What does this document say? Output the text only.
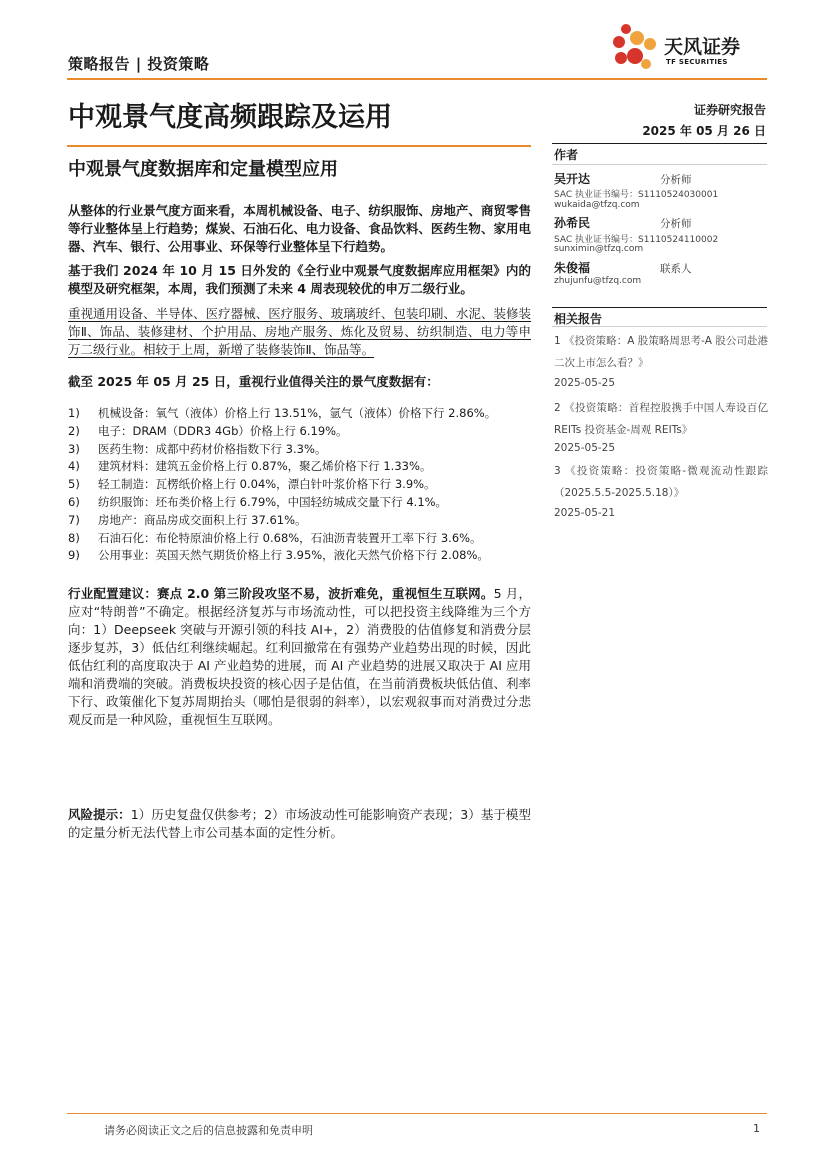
策略报告 | 投资策略
天风证券
TF SECURITIES
中观景气度高频跟踪及运用
中观景气度数据库和定量模型应用
证券研究报告
2025 年 05 月 26 日
作者
吴开达	分析师
SAC 执业证书编号：S1110524030001
wukaida@tfzq.com
孙希民	分析师
SAC 执业证书编号：S1110524110002
sunximin@tfzq.com
朱俊福	联系人
zhujunfu@tfzq.com
相关报告
1 《投资策略：A 股策略周思考-A 股公司赴港二次上市怎么看？》
2025-05-25
2 《投资策略：首程控股携手中国人寿设百亿 REITs 投资基金-周观 REITs》
2025-05-25
3 《投资策略：投资策略-微观流动性跟踪（2025.5.5-2025.5.18）》
2025-05-21
从整体的行业景气度方面来看，本周机械设备、电子、纺织服饰、房地产、商贸零售等行业整体呈上行趋势；煤炭、石油石化、电力设备、食品饮料、医药生物、家用电器、汽车、银行、公用事业、环保等行业整体呈下行趋势。
基于我们 2024 年 10 月 15 日外发的《全行业中观景气度数据库应用框架》内的模型及研究框架，本周，我们预测了未来 4 周表现较优的申万二级行业。
重视通用设备、半导体、医疗器械、医疗服务、玻璃玻纤、包装印刷、水泥、装修装饰Ⅱ、饰品、装修建材、个护用品、房地产服务、炼化及贸易、纺织制造、电力等申万二级行业。相较于上周，新增了装修装饰Ⅱ、饰品等。
截至 2025 年 05 月 25 日，重视行业值得关注的景气度数据有：
1)	机械设备：氧气（液体）价格上行 13.51%，氩气（液体）价格下行 2.86%。
2)	电子：DRAM（DDR3 4Gb）价格上行 6.19%。
3)	医药生物：成都中药材价格指数下行 3.3%。
4)	建筑材料：建筑五金价格上行 0.87%，聚乙烯价格下行 1.33%。
5)	轻工制造：瓦楞纸价格上行 0.04%，漂白针叶浆价格下行 3.9%。
6)	纺织服饰：坯布类价格上行 6.79%，中国轻纺城成交量下行 4.1%。
7)	房地产：商品房成交面积上行 37.61%。
8)	石油石化：布伦特原油价格上行 0.68%，石油沥青装置开工率下行 3.6%。
9)	公用事业：英国天然气期货价格上行 3.95%，液化天然气价格下行 2.08%。
行业配置建议：赛点 2.0 第三阶段攻坚不易，波折难免，重视恒生互联网。5 月，应对“特朗普”不确定。根据经济复苏与市场流动性，可以把投资主线降维为三个方向：1）Deepseek 突破与开源引领的科技 AI+，2）消费股的估值修复和消费分层逐步复苏，3）低估红利继续崛起。红利回撤常在有强势产业趋势出现的时候，因此低估红利的高度取决于 AI 产业趋势的进展，而 AI 产业趋势的进展又取决于 AI 应用端和消费端的突破。消费板块投资的核心因子是估值，在当前消费板块低估值、利率下行、政策催化下复苏周期抬头（哪怕是很弱的斜率），以宏观叙事而对消费过分悲观反而是一种风险，重视恒生互联网。
风险提示：1）历史复盘仅供参考；2）市场波动性可能影响资产表现；3）基于模型的定量分析无法代替上市公司基本面的定性分析。
请务必阅读正文之后的信息披露和免责申明	1
